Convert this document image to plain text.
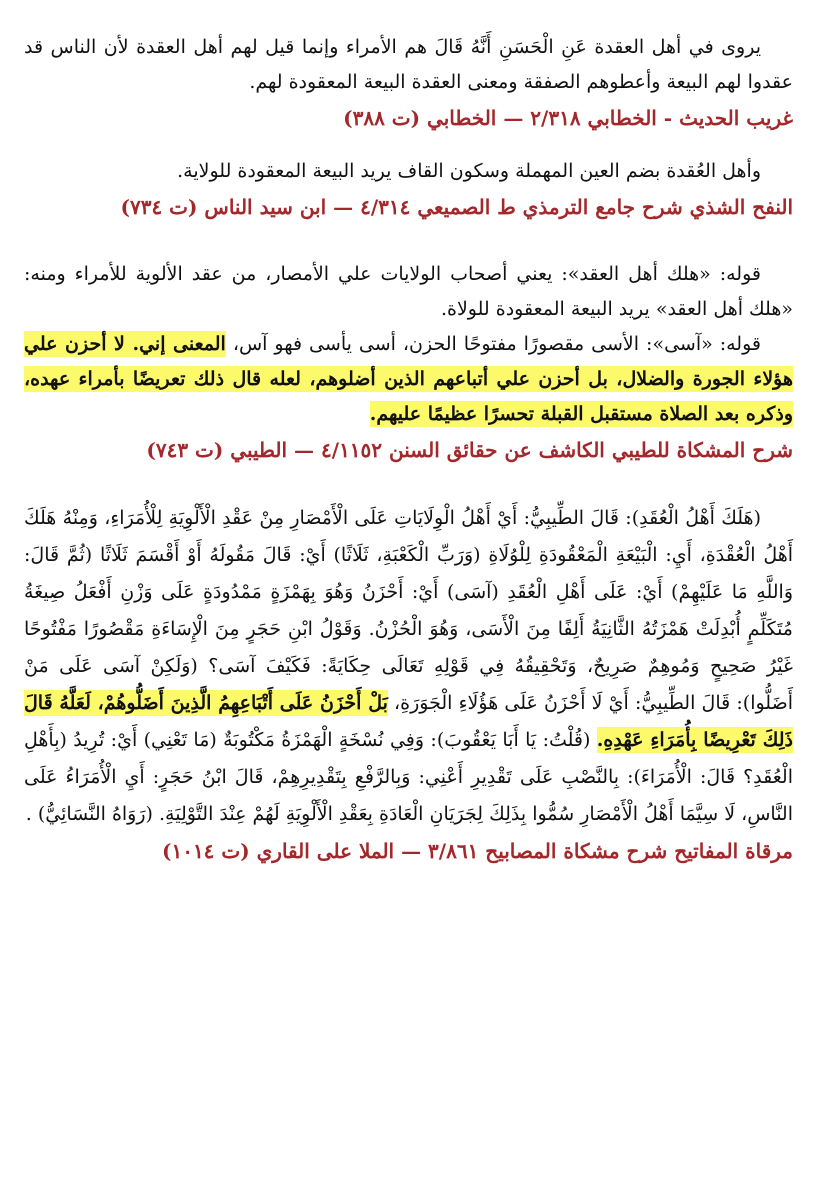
يروى في أهل العقدة عَنِ الْحَسَنِ أَنَّهُ قَالَ هم الأمراء وإنما قيل لهم أهل العقدة لأن الناس قد عقدوا لهم البيعة وأعطوهم الصفقة ومعنى العقدة البيعة المعقودة لهم.

غريب الحديث - الخطابي ٢/٣١٨ — الخطابي (ت ٣٨٨)

وأهل العُقدة بضم العين المهملة وسكون القاف يريد البيعة المعقودة للولاية.

النفح الشذي شرح جامع الترمذي ط الصميعي ٤/٣١٤ — ابن سيد الناس (ت ٧٣٤)

قوله: «هلك أهل العقد»: يعني أصحاب الولايات علي الأمصار، من عقد الألوية للأمراء ومنه: «هلك أهل العقد» يريد البيعة المعقودة للولاة.

قوله: «آسى»: الأسى مقصورًا مفتوحًا الحزن، أسى يأسى فهو آس، المعنى إني. لا أحزن علي هؤلاء الجورة والضلال، بل أحزن علي أتباعهم الذين أضلوهم، لعله قال ذلك تعريضًا بأمراء عهده، وذكره بعد الصلاة مستقبل القبلة تحسرًا عظيمًا عليهم.

شرح المشكاة للطيبي الكاشف عن حقائق السنن ٤/١١٥٢ — الطيبي (ت ٧٤٣)

(هَلَكَ أَهْلُ الْعُقَدِ): قَالَ الطِّيبِيُّ: أَيْ أَهْلُ الْوِلَايَاتِ عَلَى الْأَمْصَارِ مِنْ عَقْدِ الْأَلْوِيَةِ لِلْأُمَرَاءِ، وَمِنْهُ هَلَكَ أَهْلُ الْعُقْدَةِ، أَيِ: الْبَيْعَةِ الْمَعْقُودَةِ لِلْوُلَاةِ (وَرَبِّ الْكَعْبَةِ، ثَلَاثًا) أَيْ: قَالَ مَقُولَهُ أَوْ أَقْسَمَ ثَلَاثًا (ثُمَّ قَالَ: وَاللَّهِ مَا عَلَيْهِمْ) أَيْ: عَلَى أَهْلِ الْعُقَدِ (آسَى) أَيْ: أَحْزَنُ وَهُوَ بِهَمْزَةٍ مَمْدُودَةٍ عَلَى وَزْنِ أَفْعَلُ صِيغَةُ مُتَكَلِّمٍ أُبْدِلَتْ هَمْزَتُهُ الثَّانِيَةُ أَلِفًا مِنَ الْأَسَى، وَهُوَ الْحُزْنُ. وَقَوْلُ ابْنِ حَجَرٍ مِنَ الْإِسَاءَةِ مَقْصُورًا مَفْتُوحًا غَيْرُ صَحِيحٍ وَمُوهِمٌ صَرِيحٌ، وَتَحْقِيقُهُ فِي قَوْلِهِ تَعَالَى حِكَايَةً: فَكَيْفَ آسَى؟ (وَلَكِنْ آسَى عَلَى مَنْ أَضَلُّوا): قَالَ الطِّيبِيُّ: أَيْ لَا أَحْزَنُ عَلَى هَؤُلَاءِ الْجَوَرَةِ، بَلْ أَحْزَنُ عَلَى أَتْبَاعِهِمُ الَّذِينَ أَضَلُّوهُمْ، لَعَلَّهُ قَالَ ذَلِكَ تَعْرِيضًا بِأُمَرَاءِ عَهْدِهِ. (قُلْتُ: يَا أَبَا يَعْقُوبَ): وَفِي نُسْخَةٍ الْهَمْزَةُ مَكْتُوبَةٌ (مَا تَعْنِي) أَيْ: تُرِيدُ (بِأَهْلِ الْعُقَدِ؟ قَالَ: الْأُمَرَاءَ): بِالنَّصْبِ عَلَى تَقْدِيرِ أَعْنِي: وَبِالرَّفْعِ بِتَقْدِيرِهِمْ، قَالَ ابْنُ حَجَرٍ: أَيِ الْأُمَرَاءُ عَلَى النَّاسِ، لَا سِيَّمَا أَهْلُ الْأَمْصَارِ سُمُّوا بِذَلِكَ لِجَرَيَانِ الْعَادَةِ بِعَقْدِ الْأَلْوِيَةِ لَهُمْ عِنْدَ التَّوْلِيَةِ. (رَوَاهُ النَّسَائِيُّ) .

مرقاة المفاتيح شرح مشكاة المصابيح ٣/٨٦١ — الملا على القاري (ت ١٠١٤)
